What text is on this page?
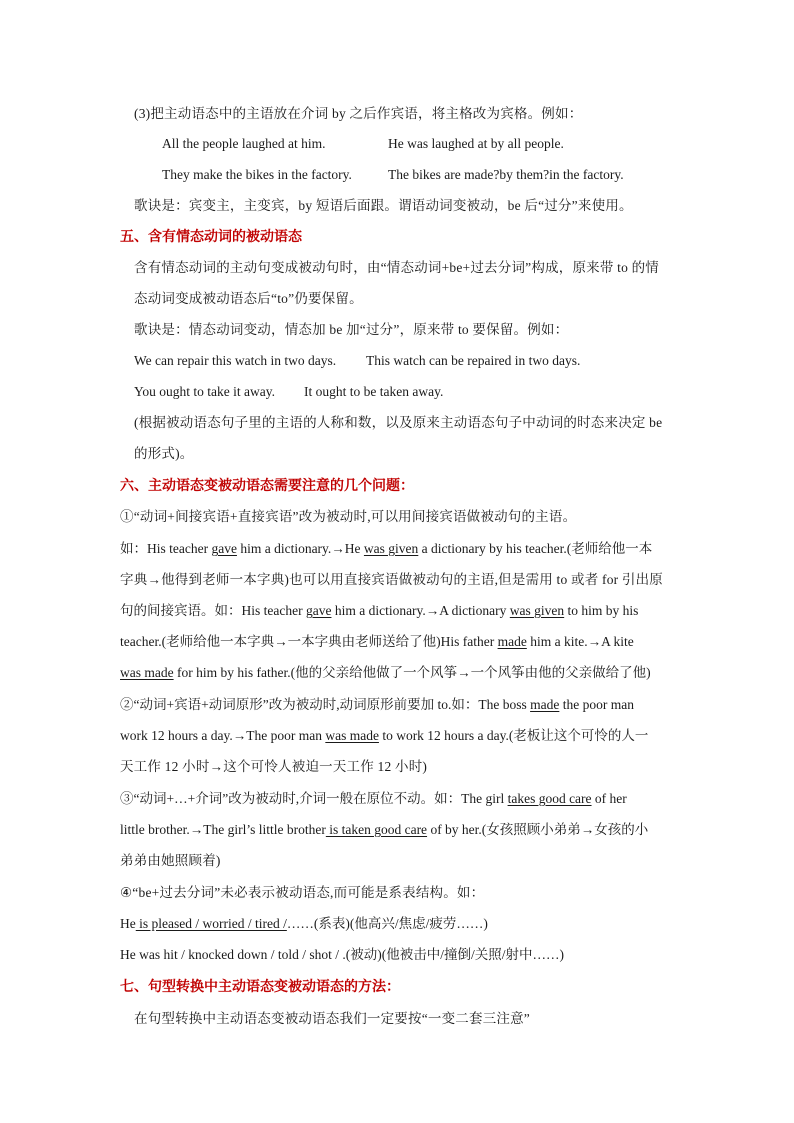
(3)把主动语态中的主语放在介词 by 之后作宾语，将主格改为宾格。例如：
All the people laughed at him.	He was laughed at by all people.
They make the bikes in the factory.	The bikes are made?by them?in the factory.
歌诀是：宾变主，主变宾，by 短语后面跟。谓语动词变被动，be 后“过分”来使用。
五、含有情态动词的被动语态
含有情态动词的主动句变成被动句时，由“情态动词+be+过去分词”构成，原来带 to 的情
态动词变成被动语态后“to”仍要保留。
歌诀是：情态动词变动，情态加 be 加“过分”，原来带 to 要保留。例如：
We can repair this watch in two days. This watch can be repaired in two days.
You ought to take it away. It ought to be taken away.
(根据被动语态句子里的主语的人称和数，以及原来主动语态句子中动词的时态来决定 be
的形式)。
六、主动语态变被动语态需要注意的几个问题：
①“动词+间接宾语+直接宾语”改为被动时,可以用间接宾语做被动句的主语。
如：His teacher gave him a dictionary.→He was given a dictionary by his teacher.(老师给他一本
字典→他得到老师一本字典)也可以用直接宾语做被动句的主语,但是需用 to 或者 for 引出原
句的间接宾语。如：His teacher gave him a dictionary.→A dictionary was given to him by his
teacher.(老师给他一本字典→一本字典由老师送给了他)His father made him a kite.→A kite
was made for him by his father.(他的父亲给他做了一个风筝→一个风筝由他的父亲做给了他)
②“动词+宾语+动词原形”改为被动时,动词原形前要加 to.如：The boss made the poor man
work 12 hours a day.→The poor man was made to work 12 hours a day.(老板让这个可怜的人一
天工作 12 小时→这个可怜人被迫一天工作 12 小时)
③“动词+…+介词”改为被动时,介词一般在原位不动。如：The girl takes good care of her
little brother.→The girl’s little brother is taken good care of by her.(女孩照顾小弟弟→女孩的小
弟弟由她照顾着)
④“be+过去分词”未必表示被动语态,而可能是系表结构。如：
He is pleased / worried / tired /……(系表)(他高兴/焦虑/疲劳……)
He was hit / knocked down / told / shot / .(被动)(他被击中/撞倒/关照/射中……)
七、句型转换中主动语态变被动语态的方法：
在句型转换中主动语态变被动语态我们一定要按“一变二套三注意”
